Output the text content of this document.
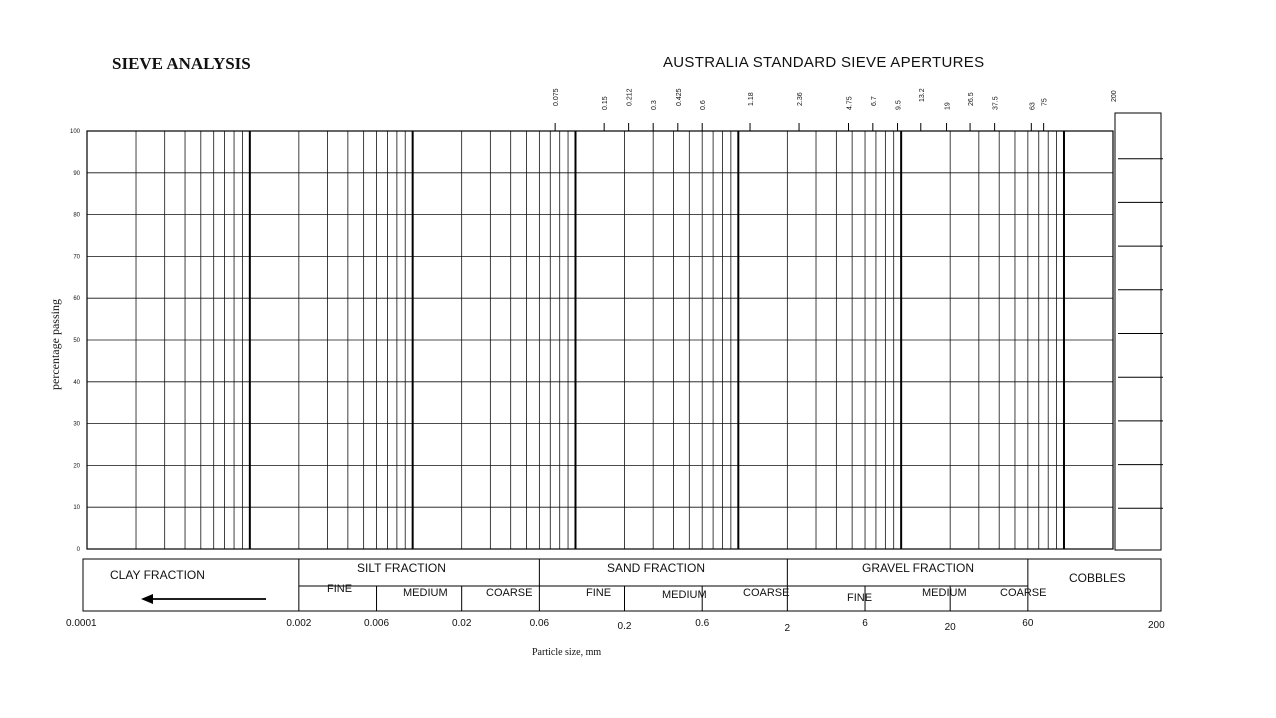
SIEVE ANALYSIS	AUSTRALIA STANDARD SIEVE APERTURES
Particle size, mm
percentage passing
0
10
20
30
40
50
60
70
80
90
100
0.075	0.15 0.212	0.3	0.425 0.6	1.18	2.36	4.75 6.7	9.5
13.2
19
26.5	37.5	63
75
200
CLAY FRACTION	SILT FRACTION	SAND FRACTION	GRAVEL FRACTION
COBBLES
FINE	MEDIUM	COARSE	FINE	MEDIUM	COARSE	FINE	MEDIUM	COARSE
0.0001	0.002	0.006	0.02	0.06	0.2	0.6	2	6	20	60	200
